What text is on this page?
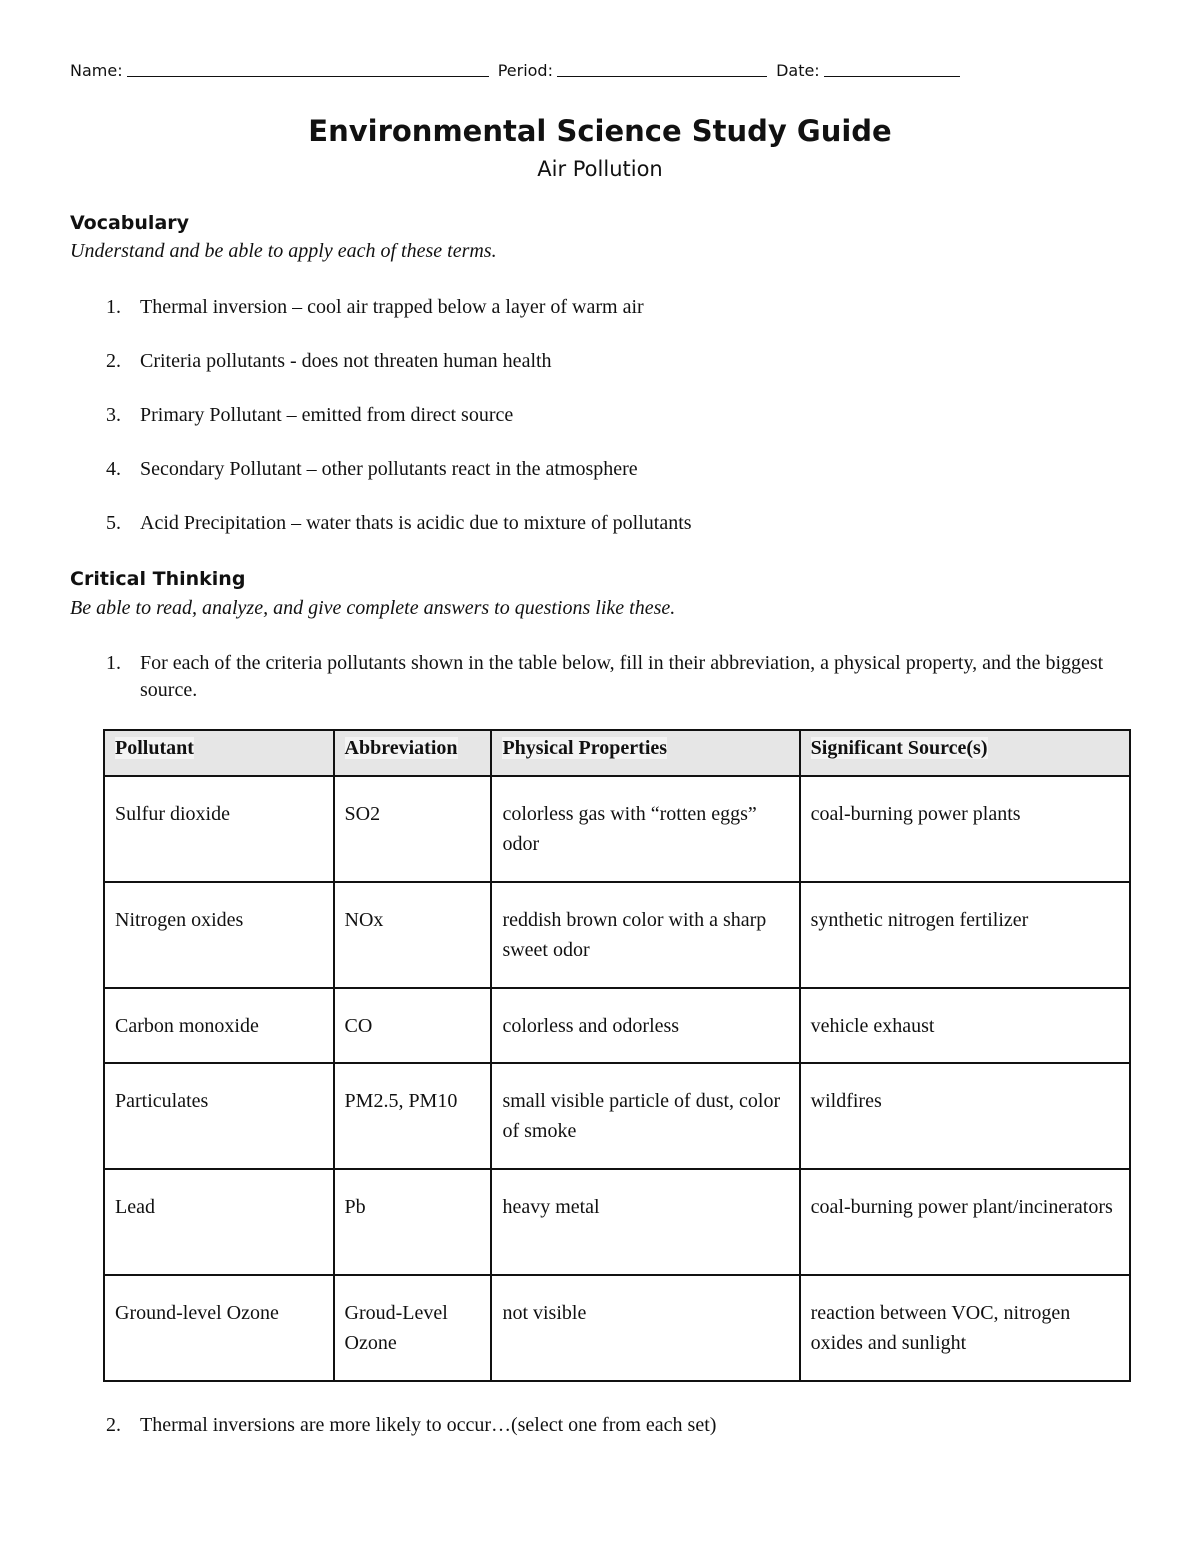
Name:	Period:	Date:
Environmental Science Study Guide
Air Pollution
Vocabulary
Understand and be able to apply each of these terms.
1. Thermal inversion – cool air trapped below a layer of warm air
2. Criteria pollutants - does not threaten human health
3. Primary Pollutant – emitted from direct source
4. Secondary Pollutant – other pollutants react in the atmosphere
5. Acid Precipitation – water thats is acidic due to mixture of pollutants
Critical Thinking
Be able to read, analyze, and give complete answers to questions like these.
1. For each of the criteria pollutants shown in the table below, fill in their abbreviation, a physical property, and the biggest source.
Pollutant	Abbreviation	Physical Properties	Significant Source(s)
Sulfur dioxide	SO2	colorless gas with “rotten eggs” odor	coal-burning power plants
Nitrogen oxides	NOx	reddish brown color with a sharp sweet odor	synthetic nitrogen fertilizer
Carbon monoxide	CO	colorless and odorless	vehicle exhaust
Particulates	PM2.5, PM10	small visible particle of dust, color of smoke	wildfires
Lead	Pb	heavy metal	coal-burning power plant/incinerators
Ground-level Ozone	Groud-Level Ozone	not visible	reaction between VOC, nitrogen oxides and sunlight
2. Thermal inversions are more likely to occur…(select one from each set)
